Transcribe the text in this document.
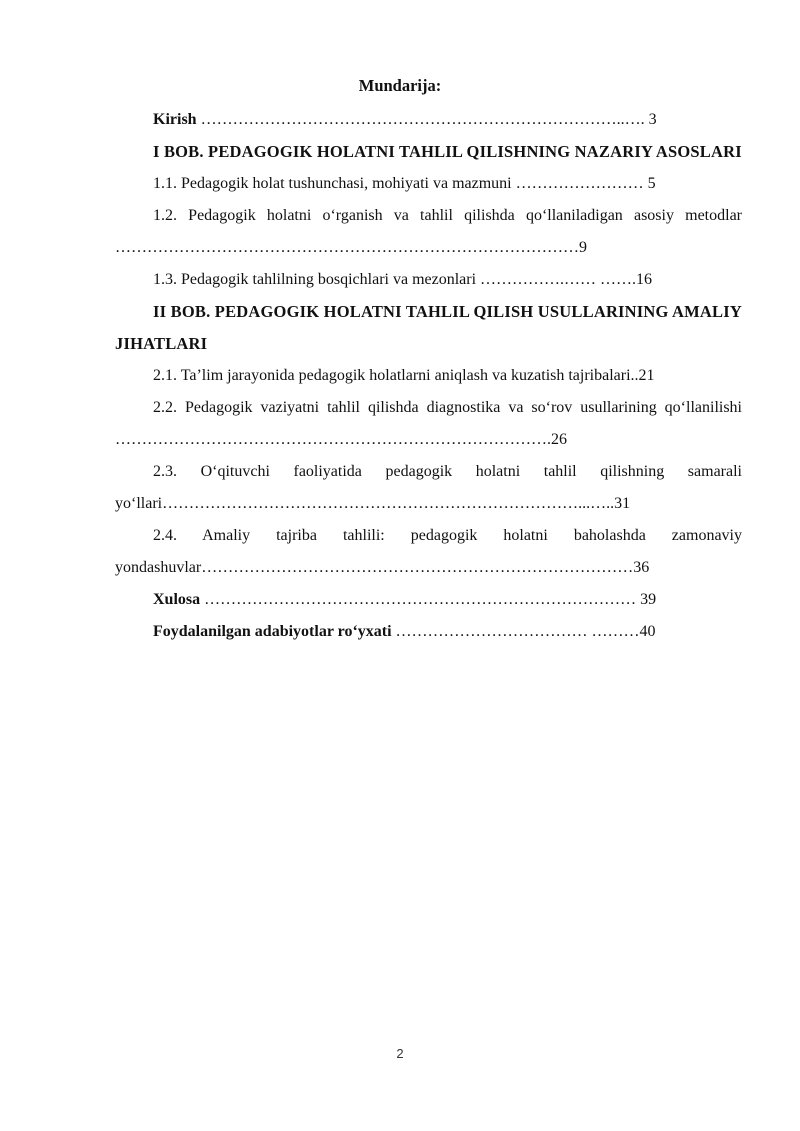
Mundarija:
Kirish ……………………………………………………………………..…. 3
I BOB. PEDAGOGIK HOLATNI TAHLIL QILISHNING NAZARIY ASOSLARI
1.1. Pedagogik holat tushunchasi, mohiyati va mazmuni …………………… 5
1.2. Pedagogik holatni o‘rganish va tahlil qilishda qo‘llaniladigan asosiy metodlar ……………………………………………………………………………9
1.3. Pedagogik tahlilning bosqichlari va mezonlari …………….…… …….16
II BOB. PEDAGOGIK HOLATNI TAHLIL QILISH USULLARINING AMALIY JIHATLARI
2.1. Ta’lim jarayonida pedagogik holatlarni aniqlash va kuzatish tajribalari..21
2.2. Pedagogik vaziyatni tahlil qilishda diagnostika va so‘rov usullarining qo‘llanilishi ……………………………………………………………………….26
2.3. O‘qituvchi faoliyatida pedagogik holatni tahlil qilishning samarali yo‘llari……………………………………………………………………...…..31
2.4. Amaliy tajriba tahlili: pedagogik holatni baholashda zamonaviy yondashuvlar………………………………………………………………………36
Xulosa ……………………………………………………………………… 39
Foydalanilgan adabiyotlar ro‘yxati ……………………………… ………40
2
